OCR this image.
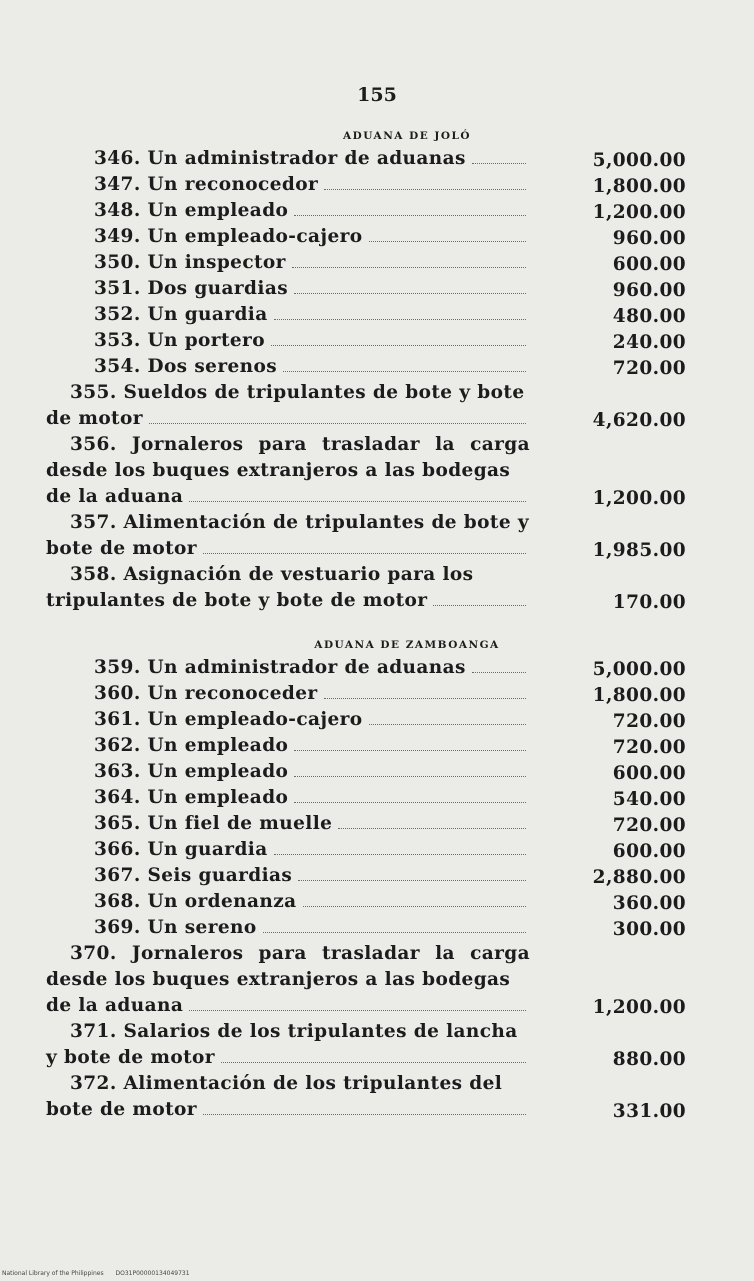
155
ADUANA DE JOLÓ
346. Un administrador de aduanas	5,000.00
347. Un reconocedor	1,800.00
348. Un empleado	1,200.00
349. Un empleado-cajero	960.00
350. Un inspector	600.00
351. Dos guardias	960.00
352. Un guardia	480.00
353. Un portero	240.00
354. Dos serenos	720.00
355. Sueldos de tripulantes de bote y bote
de motor	4,620.00
356. Jornaleros para trasladar la carga desde los buques extranjeros a las bodegas
de la aduana	1,200.00
357. Alimentación de tripulantes de bote y
bote de motor	1,985.00
358. Asignación de vestuario para los
tripulantes de bote y bote de motor	170.00
ADUANA DE ZAMBOANGA
359. Un administrador de aduanas	5,000.00
360. Un reconoceder	1,800.00
361. Un empleado-cajero	720.00
362. Un empleado	720.00
363. Un empleado	600.00
364. Un empleado	540.00
365. Un fiel de muelle	720.00
366. Un guardia	600.00
367. Seis guardias	2,880.00
368. Un ordenanza	360.00
369. Un sereno	300.00
370. Jornaleros para trasladar la carga desde los buques extranjeros a las bodegas
de la aduana	1,200.00
371. Salarios de los tripulantes de lancha
y bote de motor	880.00
372. Alimentación de los tripulantes del
bote de motor	331.00
National Library of the Philippines DO31P00000134049731
